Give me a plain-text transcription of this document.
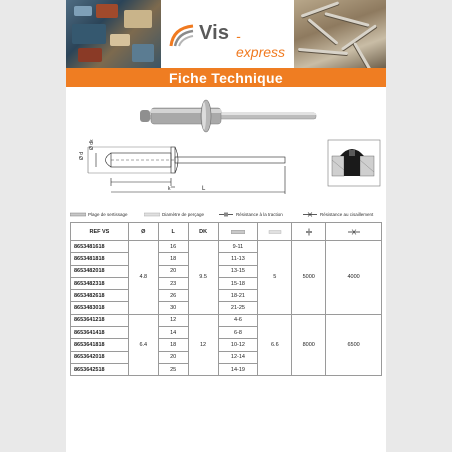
Vis -express
Fiche Technique
Ø d
Ø dk
k	L
Plage de sertissage	Diamètre de perçage	Résistance à la traction	Résistance au cisaillement
REF VS	Ø	L	DK				
8653481618	4.8	16	9.5	9-11	5	5000	4000
8653481818		18		11-13			
8653482018		20		13-15			
8653482318		23		15-18			
8653482618		26		18-21			
8653483018		30		21-25			
8653641218	6.4	12	12	4-6	6.6	8000	6500
8653641418		14		6-8			
8653641818		18		10-12			
8653642018		20		12-14			
8653642518		25		14-19			
